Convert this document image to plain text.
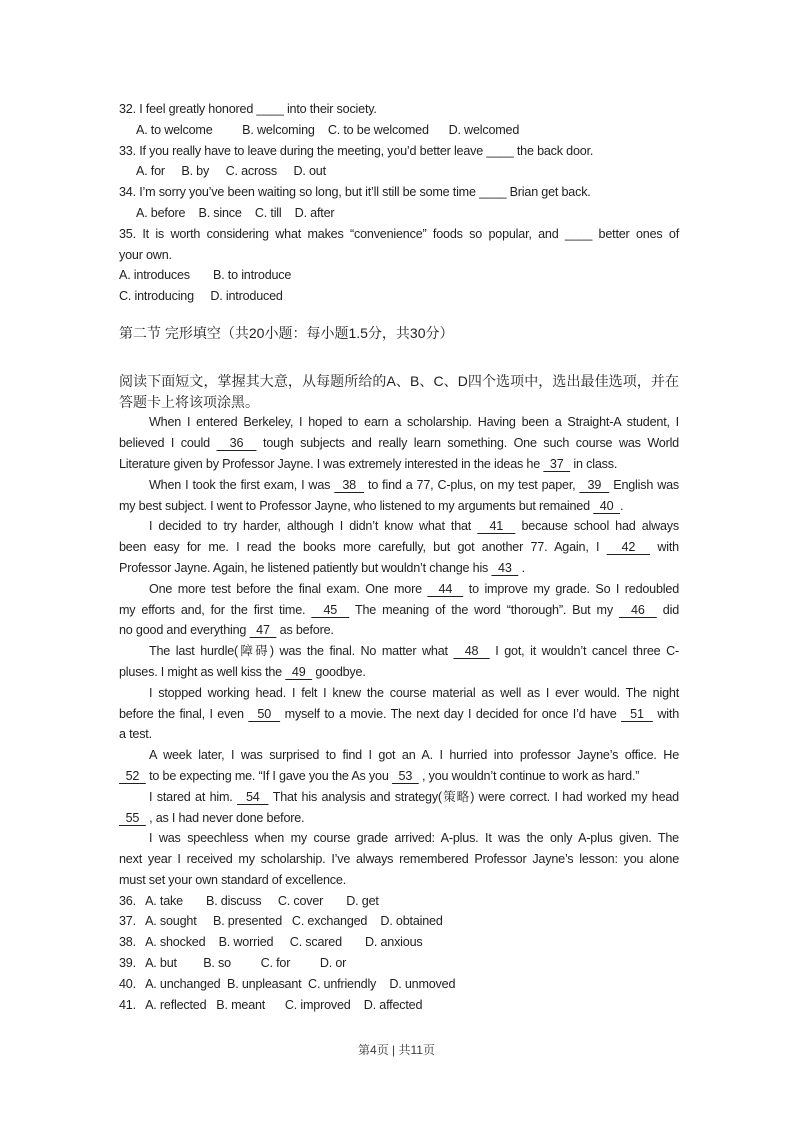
32. I feel greatly honored ____ into their society.
A. to welcome         B. welcoming    C. to be welcomed      D. welcomed
33. If you really have to leave during the meeting, you’d better leave ____ the back door.
A. for     B. by     C. across     D. out
34. I’m sorry you’ve been waiting so long, but it’ll still be some time ____ Brian get back.
A. before    B. since    C. till    D. after
35. It is worth considering what makes “convenience” foods so popular, and ____ better ones of
your own.
A. introduces       B. to introduce
C. introducing     D. introduced
第二节 完形填空（共20小题：每小题1.5分，共30分）
阅读下面短文，掌握其大意，从每题所给的A、B、C、D四个选项中，选出最佳选项，并在
答题卡上将该项涂黑。
When I entered Berkeley, I hoped to earn a scholarship. Having been a Straight-A student, I
believed I could   36   tough subjects and really learn something. One such course was World
Literature given by Professor Jayne. I was extremely interested in the ideas he   37   in class.
When I took the first exam, I was   38   to find a 77, C-plus, on my test paper,   39   English was
my best subject. I went to Professor Jayne, who listened to my arguments but remained   40  .
I decided to try harder, although I didn’t know what that   41   because school had always
been easy for me. I read the books more carefully, but got another 77. Again, I   42   with
Professor Jayne. Again, he listened patiently but wouldn’t change his   43   .
One more test before the final exam. One more   44   to improve my grade. So I redoubled
my efforts and, for the first time.   45   The meaning of the word “thorough”. But my   46   did
no good and everything   47   as before.
The last hurdle(障碍) was the final. No matter what   48   I got, it wouldn’t cancel three C-
pluses. I might as well kiss the   49   goodbye.
I stopped working head. I felt I knew the course material as well as I ever would. The night
before the final, I even   50   myself to a movie. The next day I decided for once I’d have   51   with
a test.
A week later, I was surprised to find I got an A. I hurried into professor Jayne’s office. He
52   to be expecting me. “If I gave you the As you   53   , you wouldn’t continue to work as hard.”
I stared at him.   54   That his analysis and strategy(策略) were correct. I had worked my head
55   , as I had never done before.
I was speechless when my course grade arrived: A-plus. It was the only A-plus given. The
next year I received my scholarship. I’ve always remembered Professor Jayne’s lesson: you alone
must set your own standard of excellence.
36.   A. take       B. discuss     C. cover       D. get
37.   A. sought     B. presented   C. exchanged    D. obtained
38.   A. shocked    B. worried     C. scared       D. anxious
39.   A. but        B. so         C. for         D. or
40.   A. unchanged  B. unpleasant  C. unfriendly    D. unmoved
41.   A. reflected   B. meant      C. improved    D. affected
第4页 | 共11页
